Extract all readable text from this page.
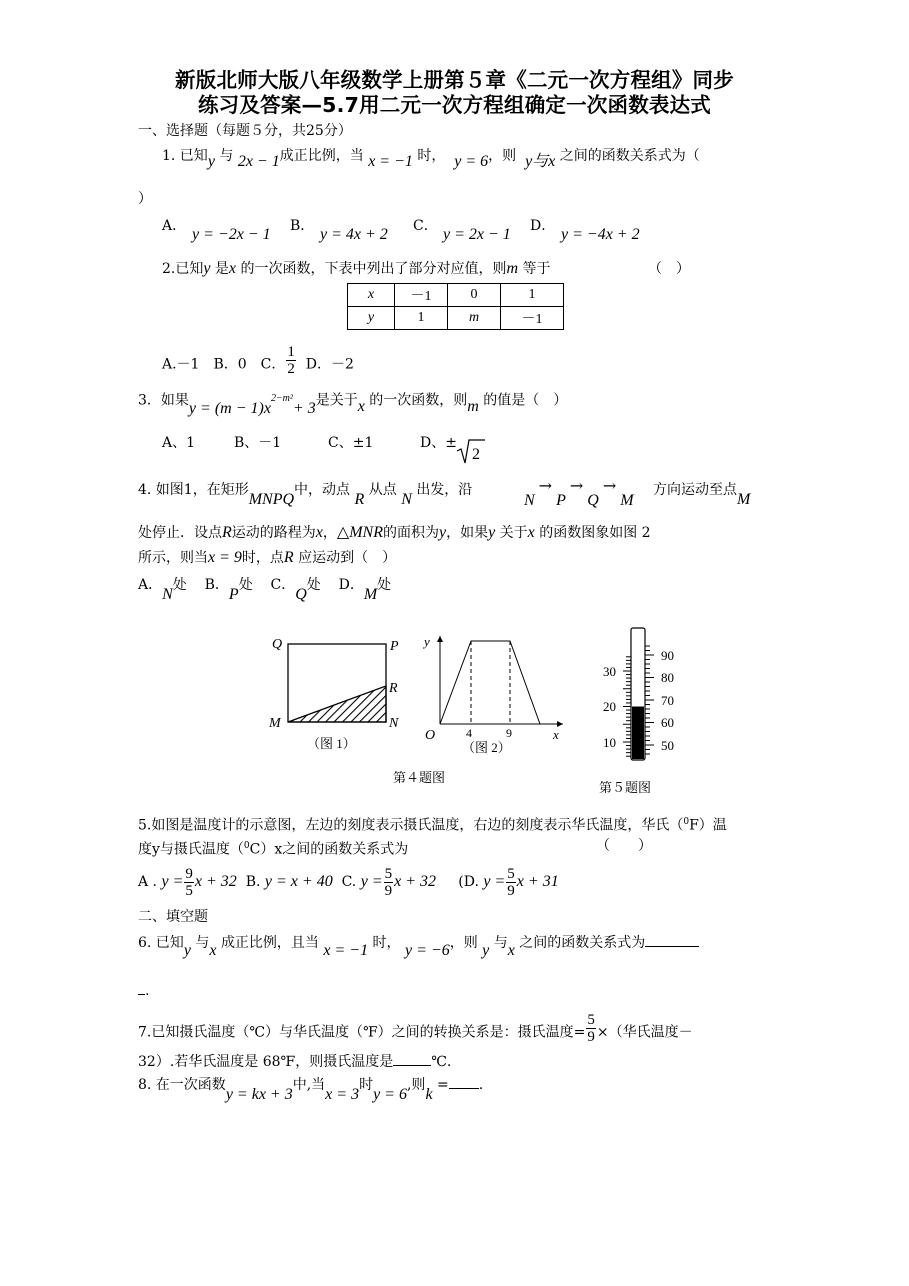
新版北师大版八年级数学上册第５章《二元一次方程组》同步
练习及答案—5.7用二元一次方程组确定一次函数表达式
一、选择题（每题５分，共25分）
1. 已知y 与 2x − 1成正比例，当 x = −1 时， y = 6，则 y与x 之间的函数关系式为（
）
A． y = −2x − 1 B． y = 4x + 2 C． y = 2x − 1 D． y = −4x + 2
2.已知y 是x 的一次函数，下表中列出了部分对应值，则m 等于	（　）
x	－1	0	1
y	1	m	－1
A.－1　B．0　C． $\frac{1}{2}$ D．－2
3．如果$y = (m - 1)x^{2-m^2}+ 3$是关于x 的一次函数，则m 的值是（　）
A、1	B、－1	C、±1	D、±
2
4. 如图1，在矩形MNPQ中，动点 R 从点 N 出发，沿
N→P→Q→M
方向运动至点M
处停止．设点R运动的路程为x，△MNR的面积为y，如果y 关于x 的函数图象如图 2
所示，则当x = 9时，点R 应运动到（　）
A．N处 B．P处 C．Q处 D．M处
Q	P
R
M	N
（图 1）
y
O	4	9	x
（图 2）
第４题图
30
20
10
90
80
70
60
50
第５题图
5.如图是温度计的示意图，左边的刻度表示摄氏温度，右边的刻度表示华氏温度，华氏（$^0$F）温
度y与摄氏温度（$^0$C）x之间的函数关系式为	（　　）
A . $y = \frac{9}{5}$ x + 32 B. y = x + 40 C. $y = \frac{5}{9}$ x + 32 (D. $y = \frac{5}{9}$ x + 31
二、填空题
6. 已知y 与x 成正比例，且当 x = −1 时， y = −6，则 y 与x 之间的函数关系式为
.
7.已知摄氏温度（℃）与华氏温度（℉）之间的转换关系是：摄氏温度= $\frac{5}{9}$ ×（华氏温度－
32）.若华氏温度是 68℉，则摄氏温度是	℃.
8. 在一次函数y = kx + 3中,当x = 3时y = 6,则k = .
